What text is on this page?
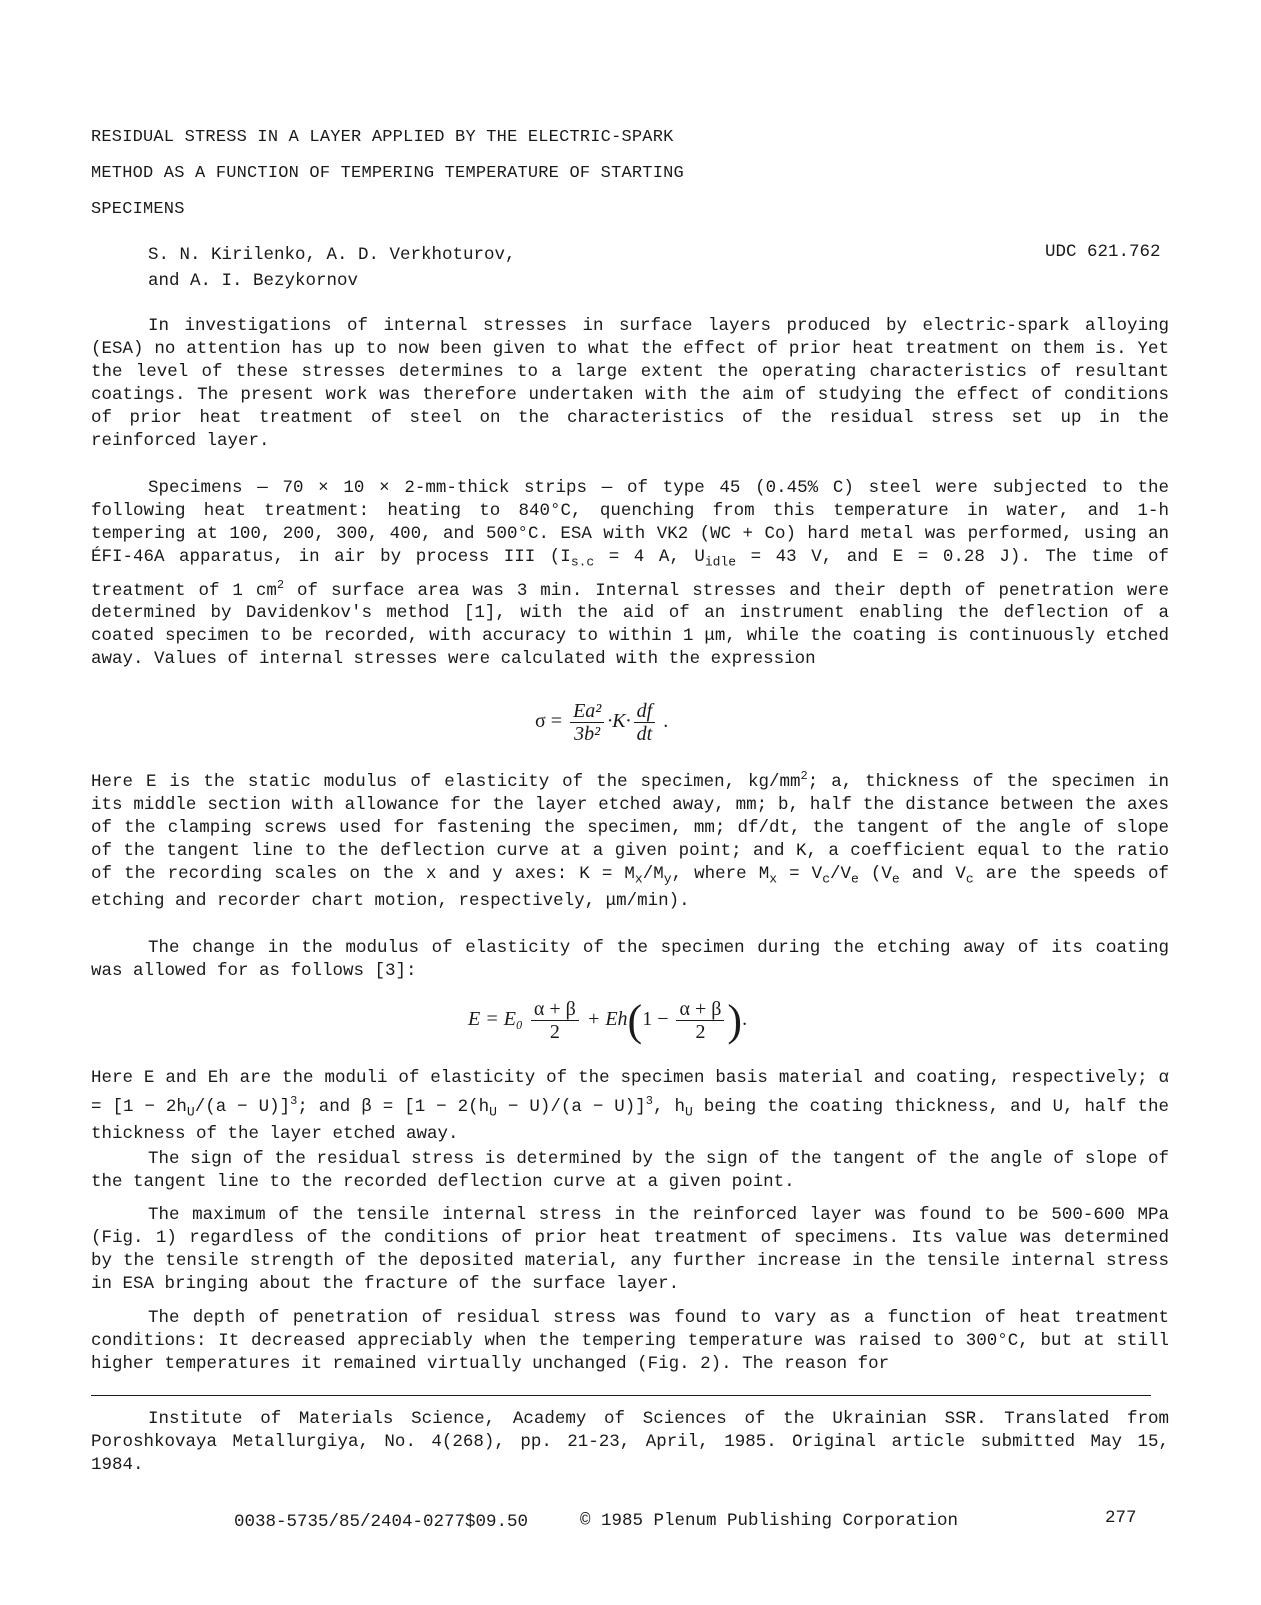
RESIDUAL STRESS IN A LAYER APPLIED BY THE ELECTRIC-SPARK
METHOD AS A FUNCTION OF TEMPERING TEMPERATURE OF STARTING
SPECIMENS
S. N. Kirilenko, A. D. Verkhoturov,
and A. I. Bezykornov
UDC 621.762

In investigations of internal stresses in surface layers produced by electric-spark alloying (ESA) no attention has up to now been given to what the effect of prior heat treatment on them is. Yet the level of these stresses determines to a large extent the operating characteristics of resultant coatings. The present work was therefore undertaken with the aim of studying the effect of conditions of prior heat treatment of steel on the characteristics of the residual stress set up in the reinforced layer.

Specimens — 70 × 10 × 2-mm-thick strips — of type 45 (0.45% C) steel were subjected to the following heat treatment: heating to 840°C, quenching from this temperature in water, and 1-h tempering at 100, 200, 300, 400, and 500°C. ESA with VK2 (WC + Co) hard metal was performed, using an ÉFI-46A apparatus, in air by process III ($I_{s.c} = 4$ A, $U_{idle} = 43$ V, and E = 0.28 J). The time of treatment of 1 $cm^2$ of surface area was 3 min. Internal stresses and their depth of penetration were determined by Davidenkov's method [1], with the aid of an instrument enabling the deflection of a coated specimen to be recorded, with accuracy to within 1 μm, while the coating is continuously etched away. Values of internal stresses were calculated with the expression

$\sigma = \frac{\text{Ea²}}{\text{3b²}} \cdot K\cdot \frac{df}{dt}$ .

Here E is the static modulus of elasticity of the specimen, $kg/mm^2$; a, thickness of the specimen in its middle section with allowance for the layer etched away, mm; b, half the distance between the axes of the clamping screws used for fastening the specimen, mm; df/dt, the tangent of the angle of slope of the tangent line to the deflection curve at a given point; and K, a coefficient equal to the ratio of the recording scales on the x and y axes: $K = M_x/M_y$, where $M_x = V_c/V_e$ ($V_e$ and $V_c$ are the speeds of etching and recorder chart motion, respectively, μm/min).

The change in the modulus of elasticity of the specimen during the etching away of its coating was allowed for as follows [3]:

$E = E_0 \frac{\alpha + \beta}{2} + Eh(1 - \frac{\alpha + \beta}{2}$ ).

Here E and Eh are the moduli of elasticity of the specimen basis material and coating, respectively; $\alpha = [1 - 2h_U/(a - U)]^3$; and $\beta = [1 - 2(h_U - U)/(a - U)]^3$, $h_U$ being the coating thickness, and U, half the thickness of the layer etched away.

The sign of the residual stress is determined by the sign of the tangent of the angle of slope of the tangent line to the recorded deflection curve at a given point.

The maximum of the tensile internal stress in the reinforced layer was found to be 500-600 MPa (Fig. 1) regardless of the conditions of prior heat treatment of specimens. Its value was determined by the tensile strength of the deposited material, any further increase in the tensile internal stress in ESA bringing about the fracture of the surface layer.

The depth of penetration of residual stress was found to vary as a function of heat treatment conditions: It decreased appreciably when the tempering temperature was raised to 300°C, but at still higher temperatures it remained virtually unchanged (Fig. 2). The reason for

Institute of Materials Science, Academy of Sciences of the Ukrainian SSR. Translated from Poroshkovaya Metallurgiya, No. 4(268), pp. 21-23, April, 1985. Original article submitted May 15, 1984.

0038-5735/85/2404-0277$09.50	© 1985 Plenum Publishing Corporation	277
